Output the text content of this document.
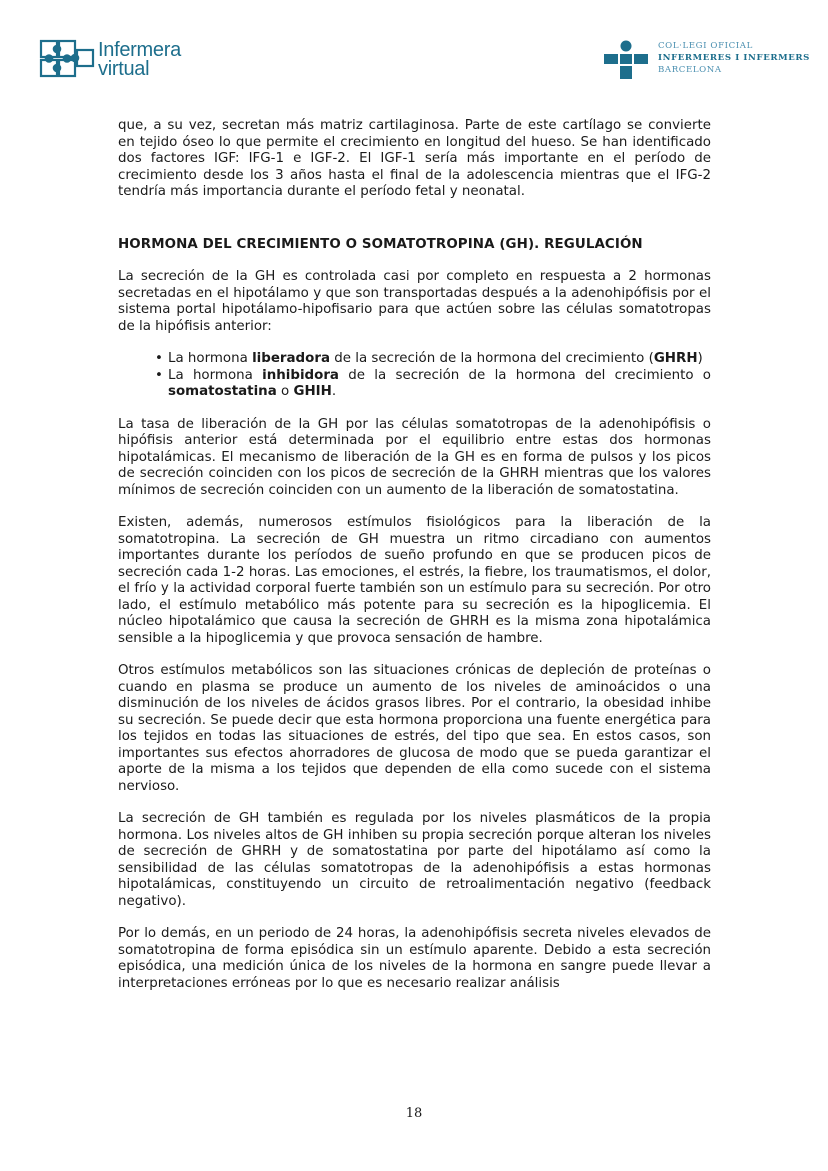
Infermera
virtual
COL·LEGI OFICIAL
INFERMERES I INFERMERS
BARCELONA

que, a su vez, secretan más matriz cartilaginosa. Parte de este cartílago se convierte en tejido óseo lo que permite el crecimiento en longitud del hueso. Se han identificado dos factores IGF: IFG-1 e IGF-2. El IGF-1 sería más importante en el período de crecimiento desde los 3 años hasta el final de la adolescencia mientras que el IFG-2 tendría más importancia durante el período fetal y neonatal.

HORMONA DEL CRECIMIENTO O SOMATOTROPINA (GH). REGULACIÓN

La secreción de la GH es controlada casi por completo en respuesta a 2 hormonas secretadas en el hipotálamo y que son transportadas después a la adenohipófisis por el sistema portal hipotálamo-hipofisario para que actúen sobre las células somatotropas de la hipófisis anterior:

• La hormona liberadora de la secreción de la hormona del crecimiento (GHRH)
• La hormona inhibidora de la secreción de la hormona del crecimiento o somatostatina o GHIH.

La tasa de liberación de la GH por las células somatotropas de la adenohipófisis o hipófisis anterior está determinada por el equilibrio entre estas dos hormonas hipotalámicas. El mecanismo de liberación de la GH es en forma de pulsos y los picos de secreción coinciden con los picos de secreción de la GHRH mientras que los valores mínimos de secreción coinciden con un aumento de la liberación de somatostatina.

Existen, además, numerosos estímulos fisiológicos para la liberación de la somatotropina. La secreción de GH muestra un ritmo circadiano con aumentos importantes durante los períodos de sueño profundo en que se producen picos de secreción cada 1-2 horas. Las emociones, el estrés, la fiebre, los traumatismos, el dolor, el frío y la actividad corporal fuerte también son un estímulo para su secreción. Por otro lado, el estímulo metabólico más potente para su secreción es la hipoglicemia. El núcleo hipotalámico que causa la secreción de GHRH es la misma zona hipotalámica sensible a la hipoglicemia y que provoca sensación de hambre.

Otros estímulos metabólicos son las situaciones crónicas de depleción de proteínas o cuando en plasma se produce un aumento de los niveles de aminoácidos o una disminución de los niveles de ácidos grasos libres. Por el contrario, la obesidad inhibe su secreción. Se puede decir que esta hormona proporciona una fuente energética para los tejidos en todas las situaciones de estrés, del tipo que sea. En estos casos, son importantes sus efectos ahorradores de glucosa de modo que se pueda garantizar el aporte de la misma a los tejidos que dependen de ella como sucede con el sistema nervioso.

La secreción de GH también es regulada por los niveles plasmáticos de la propia hormona. Los niveles altos de GH inhiben su propia secreción porque alteran los niveles de secreción de GHRH y de somatostatina por parte del hipotálamo así como la sensibilidad de las células somatotropas de la adenohipófisis a estas hormonas hipotalámicas, constituyendo un circuito de retroalimentación negativo (feedback negativo).

Por lo demás, en un periodo de 24 horas, la adenohipófisis secreta niveles elevados de somatotropina de forma episódica sin un estímulo aparente. Debido a esta secreción episódica, una medición única de los niveles de la hormona en sangre puede llevar a interpretaciones erróneas por lo que es necesario realizar análisis

18
